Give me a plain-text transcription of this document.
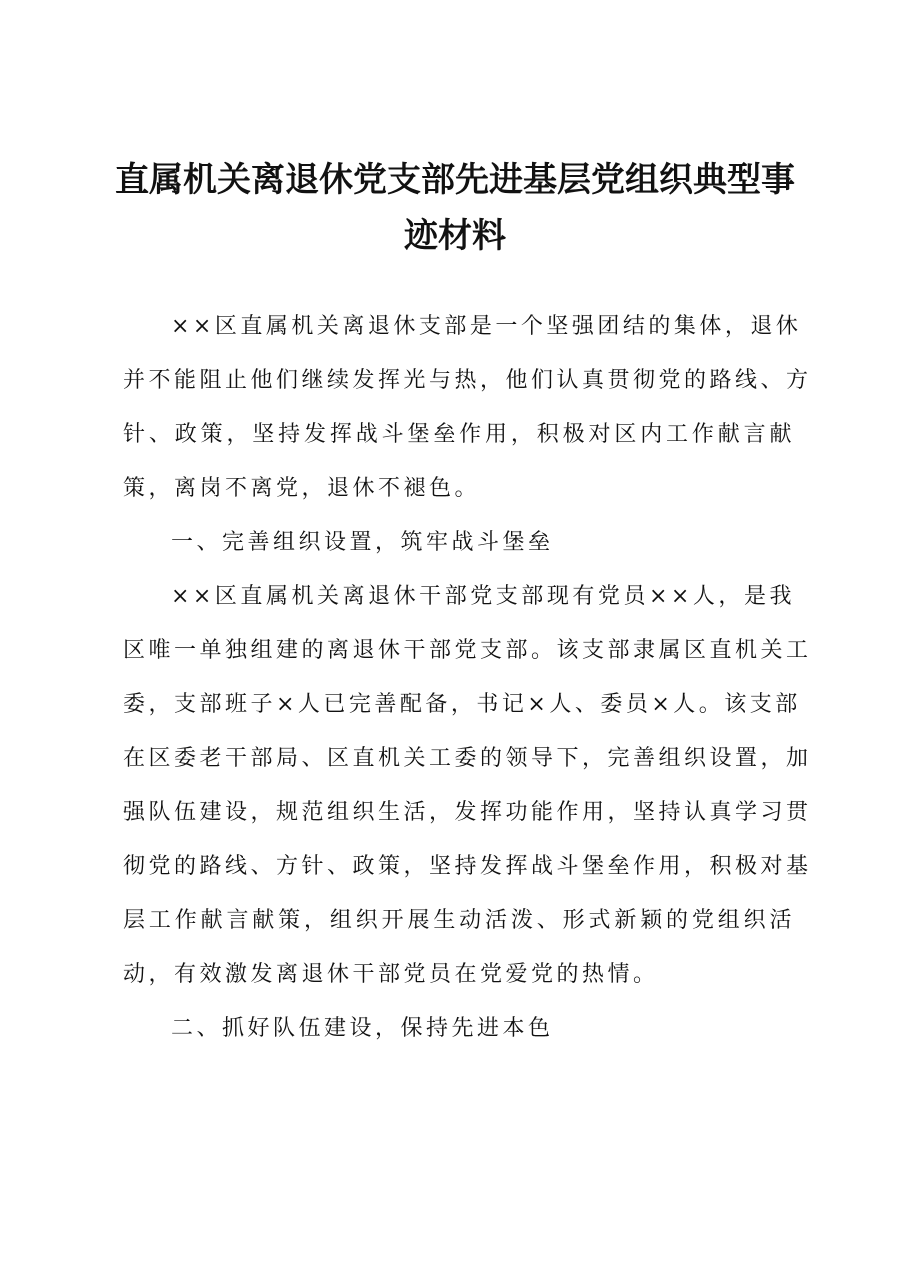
直属机关离退休党支部先进基层党组织典型事
迹材料
××区直属机关离退休支部是一个坚强团结的集体，退休
并不能阻止他们继续发挥光与热，他们认真贯彻党的路线、方
针、政策，坚持发挥战斗堡垒作用，积极对区内工作献言献
策，离岗不离党，退休不褪色。
一、完善组织设置，筑牢战斗堡垒
××区直属机关离退休干部党支部现有党员××人，是我
区唯一单独组建的离退休干部党支部。该支部隶属区直机关工
委，支部班子×人已完善配备，书记×人、委员×人。该支部
在区委老干部局、区直机关工委的领导下，完善组织设置，加
强队伍建设，规范组织生活，发挥功能作用，坚持认真学习贯
彻党的路线、方针、政策，坚持发挥战斗堡垒作用，积极对基
层工作献言献策，组织开展生动活泼、形式新颖的党组织活
动，有效激发离退休干部党员在党爱党的热情。
二、抓好队伍建设，保持先进本色
